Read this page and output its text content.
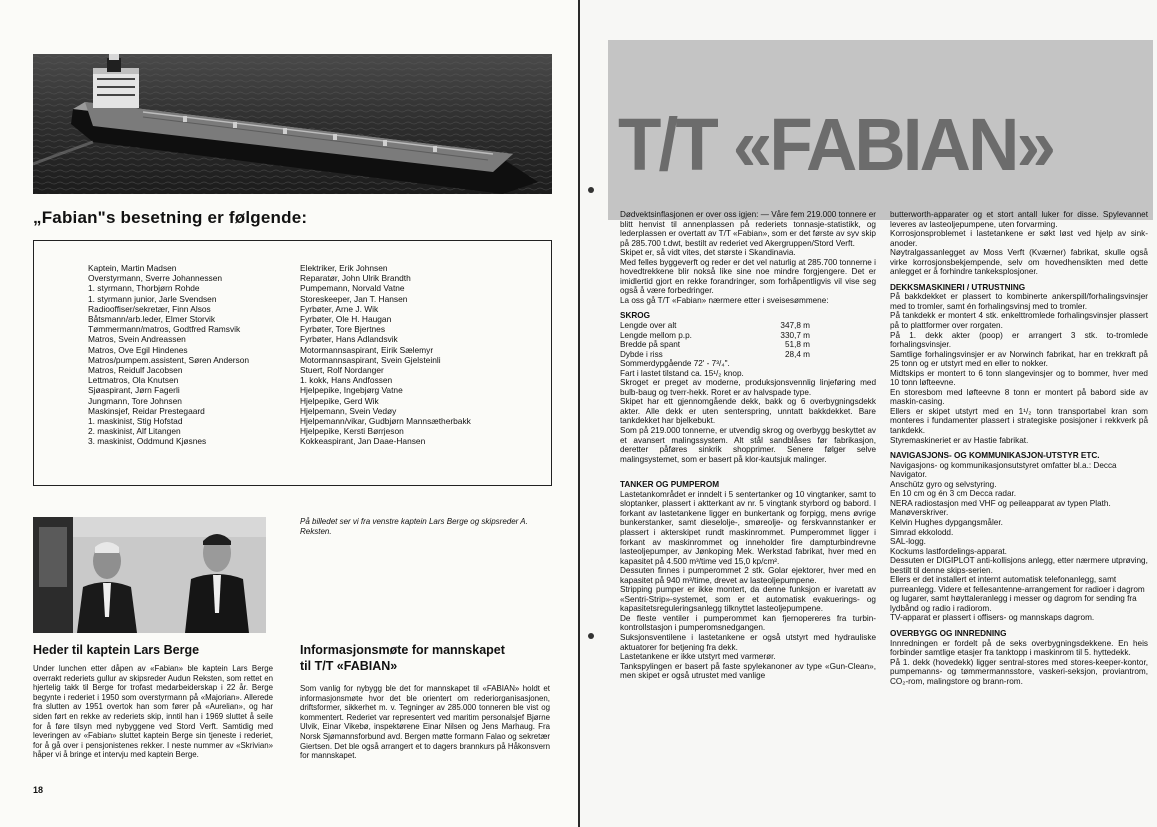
„Fabian"s besetning er følgende:
Kaptein, Martin Madsen
Overstyrmann, Sverre Johannessen
1. styrmann, Thorbjørn Rohde
1. styrmann junior, Jarle Svendsen
Radiooffiser/sekretær, Finn Alsos
Båtsmann/arb.leder, Elmer Storvik
Tømmermann/matros, Godtfred Ramsvik
Matros, Svein Andreassen
Matros, Ove Egil Hindenes
Matros/pumpem.assistent, Søren Anderson
Matros, Reidulf Jacobsen
Lettmatros, Ola Knutsen
Sjøaspirant, Jørn Fagerli
Jungmann, Tore Johnsen
Maskinsjef, Reidar Prestegaard
1. maskinist, Stig Hofstad
2. maskinist, Alf Litangen
3. maskinist, Oddmund Kjøsnes
Elektriker, Erik Johnsen
Reparatør, John Ulrik Brandth
Pumpemann, Norvald Vatne
Storeskeeper, Jan T. Hansen
Fyrbøter, Arne J. Wik
Fyrbøter, Ole H. Haugan
Fyrbøter, Tore Bjertnes
Fyrbøter, Hans Adlandsvik
Motormannsaspirant, Eirik Sælemyr
Motormannsaspirant, Svein Gjelsteinli
Stuert, Rolf Nordanger
1. kokk, Hans Andfossen
Hjelpepike, Ingebjørg Vatne
Hjelpepike, Gerd Wik
Hjelpemann, Svein Vedøy
Hjelpemann/vikar, Gudbjørn Mannsætherbakk
Hjelpepike, Kersti Børrjeson
Kokkeaspirant, Jan Daae-Hansen
På billedet ser vi fra venstre kaptein Lars Berge og skipsreder A. Reksten.
Heder til kaptein Lars Berge
Under lunchen etter dåpen av «Fabian» ble kaptein Lars Berge overrakt rederiets gullur av skipsreder Audun Reksten, som rettet en hjertelig takk til Berge for trofast medarbeiderskap i 22 år. Berge begynte i rederiet i 1950 som overstyrmann på «Majorian». Allerede fra slutten av 1951 overtok han som fører på «Aurelian», og har siden ført en rekke av rederiets skip, inntil han i 1969 sluttet å seile for å føre tilsyn med nybyggene ved Stord Verft. Samtidig med leveringen av «Fabian» sluttet kaptein Berge sin tjeneste i rederiet, for å gå over i pensjonistenes rekker. I neste nummer av «Skrivian» håper vi å bringe et intervju med kaptein Berge.
Informasjonsmøte for mannskapet
til T/T «FABIAN»
Som vanlig for nybygg ble det for mannskapet til «FABIAN» holdt et informasjonsmøte hvor det ble orientert om rederiorganisasjonen, driftsformer, sikkerhet m. v. Tegninger av 285.000 tonneren ble vist og kommentert. Rederiet var representert ved maritim personalsjef Bjørne Ulvik, Einar Vikebø, inspektørene Einar Nilsen og Jens Marhaug. Fra Norsk Sjømannsforbund avd. Bergen møtte formann Falao og sekretær Giertsen. Det ble også arrangert et to dagers brannkurs på Håkonsvern for mannskapet.
18
T/T «FABIAN»

Dødvektsinflasjonen er over oss igjen: — Våre fem 219.000 tonnere er blitt henvist til annenplassen på rederiets tonnasje-statistikk, og lederplassen er overtatt av T/T «Fabian», som er det første av syv skip på 285.700 t.dwt, bestilt av rederiet ved Akergruppen/Stord Verft.

Skipet er, så vidt vites, det største i Skandinavia.

Med felles byggeverft og reder er det vel naturlig at 285.700 tonnerne i hovedtrekkene blir nokså like sine noe mindre forgjengere. Det er imidlertid gjort en rekke forandringer, som forhåpentligvis vil vise seg også å være forbedringer.

La oss gå T/T «Fabian» nærmere etter i sveisesømmene:

SKROG

Lengde over alt	347,8 m
Lengde mellom p.p.	330,7 m
Bredde på spant	51,8 m
Dybde i riss	28,4 m
Sommerdypgående 72' - 7³/₄".
Fart i lastet tilstand ca. 15¹/₂ knop.

Skroget er preget av moderne, produksjonsvennlig linjeføring med bulb-baug og tverr-hekk. Roret er av halvspade type.

Skipet har ett gjennomgående dekk, bakk og 6 overbygningsdekk akter. Alle dekk er uten senterspring, unntatt bakkdekket. Bare tankdekket har bjelkebukt.

Som på 219.000 tonnerne, er utvendig skrog og overbygg beskyttet av et avansert malingssystem. Alt stål sandblåses før fabrikasjon, deretter påføres sinkrik shopprimer. Senere følger selve malingsystemet, som er basert på klor-kautsjuk malinger.

TANKER OG PUMPEROM

Lastetankområdet er inndelt i 5 sentertanker og 10 vingtanker, samt to sloptanker, plassert i aktterkant av nr. 5 vingtank styrbord og babord. I forkant av lastetankene ligger en bunkertank og forpigg, mens øvrige bunkerstanker, samt dieselolje-, smøreolje- og ferskvannstanker er plassert i akterskipet rundt maskinrommet. Pumperommet ligger i forkant av maskinrommet og inneholder fire dampturbindrevne lasteoljepumper, av Jønkoping Mek. Werkstad fabrikat, hver med en kapasitet på 4.500 m³/time ved 15,0 kp/cm².

Dessuten finnes i pumperommet 2 stk. Golar ejektorer, hver med en kapasitet på 940 m³/time, drevet av lasteoljepumpene.

Stripping pumper er ikke montert, da denne funksjon er ivaretatt av «Sentri-Strip»-systemet, som er et automatisk evakuerings- og kapasitetsreguleringsanlegg tilknyttet lasteoljepumpene.

De fleste ventiler i pumperommet kan fjernopereres fra turbin-kontrollstasjon i pumperomsnedgangen.

Suksjonsventilene i lastetankene er også utstyrt med hydrauliske aktuatorer for betjening fra dekk.

Lastetankene er ikke utstyrt med varmerør.

Tankspylingen er basert på faste spylekanoner av type «Gun-Clean», men skipet er også utrustet med vanlige

butterworth-apparater og et stort antall luker for disse. Spylevannet leveres av lasteoljepumpene, uten forvarming.

Korrosjonsproblemet i lastetankene er søkt løst ved hjelp av sink-anoder.

Nøytralgassanlegget av Moss Verft (Kværner) fabrikat, skulle også virke korrosjonsbekjempende, selv om hovedhensikten med dette anlegget er å forhindre tankeksplosjoner.

DEKKSMASKINERI / UTRUSTNING

På bakkdekket er plassert to kombinerte ankerspill/forhalingsvinsjer med to tromler, samt én forhalingsvinsj med to tromler.

På tankdekk er montert 4 stk. enkelttromlede forhalingsvinsjer plassert på to plattformer over rorgaten.

På 1. dekk akter (poop) er arrangert 3 stk. to-tromlede forhalingsvinsjer.

Samtlige forhalingsvinsjer er av Norwinch fabrikat, har en trekkraft på 25 tonn og er utstyrt med en eller to nokker.

Midtskips er montert to 6 tonn slangevinsjer og to bommer, hver med 10 tonn løfteevne.

En storesbom med løfteevne 8 tonn er montert på babord side av maskin-casing.

Ellers er skipet utstyrt med en 1¹/₂ tonn transportabel kran som monteres i fundamenter plassert i strategiske posisjoner i rekkverk på tankdekk.

Styremaskineriet er av Hastie fabrikat.

NAVIGASJONS- OG KOMMUNIKASJON-UTSTYR ETC.

Navigasjons- og kommunikasjonsutstyret omfatter bl.a.: Decca Navigator.
Anschütz gyro og selvstyring.
En 10 cm og én 3 cm Decca radar.
NERA radiostasjon med VHF og peileapparat av typen Plath.
Manøverskriver.
Kelvin Hughes dypgangsmåler.
Simrad ekkolodd.
SAL-logg.
Kockums lastfordelings-apparat.
Dessuten er DIGIPLOT anti-kollisjons anlegg, etter nærmere utprøving, bestilt til denne skips-serien.
Ellers er det installert et internt automatisk telefonanlegg, samt purreanlegg. Videre et fellesantenne-arrangement for radioer i dagrom og lugarer, samt høyttaleranlegg i messer og dagrom for sending fra lydbånd og radio i radiorom.
TV-apparat er plassert i offisers- og mannskaps dagrom.

OVERBYGG OG INNREDNING

Innredningen er fordelt på de seks overbygningsdekkene. En heis forbinder samtlige etasjer fra tanktopp i maskinrom til 5. hyttedekk.

På 1. dekk (hovedekk) ligger sentral-stores med stores-keeper-kontor, pumpemanns- og tømmermannsstore, vaskeri-seksjon, proviantrom, CO₂-rom, malingstore og brann-rom.
